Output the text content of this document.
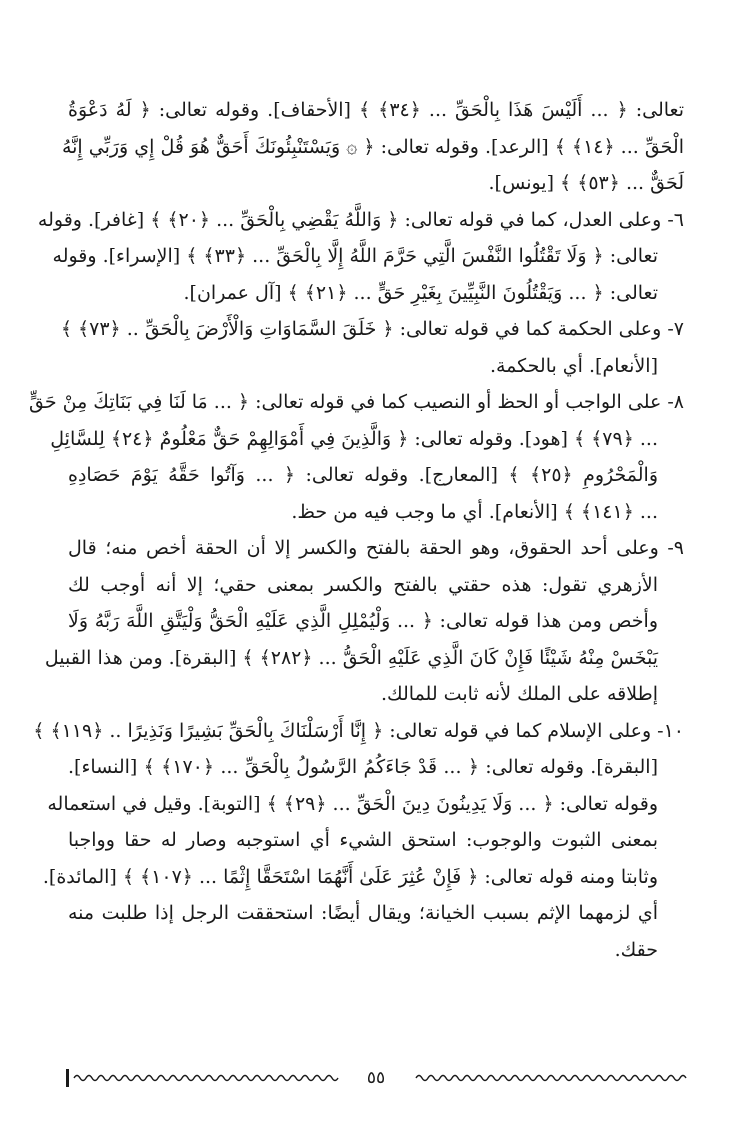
تعالى: ﴿ ... أَلَيْسَ هَذَا بِالْحَقِّ ... ﴿٣٤﴾ ﴾ [الأحقاف]. وقوله تعالى: ﴿ لَهُ دَعْوَةُ
الْحَقِّ ... ﴿١٤﴾ ﴾ [الرعد]. وقوله تعالى: ﴿ ۞ وَيَسْتَنْبِئُونَكَ أَحَقٌّ هُوَ قُلْ إِي وَرَبِّي إِنَّهُ
لَحَقٌّ ... ﴿٥٣﴾ ﴾ [يونس].
٦- وعلى العدل، كما في قوله تعالى: ﴿ وَاللَّهُ يَقْضِي بِالْحَقِّ ... ﴿٢٠﴾ ﴾ [غافر]. وقوله
تعالى: ﴿ وَلَا تَقْتُلُوا النَّفْسَ الَّتِي حَرَّمَ اللَّهُ إِلَّا بِالْحَقِّ ... ﴿٣٣﴾ ﴾ [الإسراء]. وقوله
تعالى: ﴿ ... وَيَقْتُلُونَ النَّبِيِّينَ بِغَيْرِ حَقٍّ ... ﴿٢١﴾ ﴾ [آل عمران].
٧- وعلى الحكمة كما في قوله تعالى: ﴿ خَلَقَ السَّمَاوَاتِ وَالْأَرْضَ بِالْحَقِّ .. ﴿٧٣﴾ ﴾
[الأنعام]. أي بالحكمة.
٨- على الواجب أو الحظ أو النصيب كما في قوله تعالى: ﴿ ... مَا لَنَا فِي بَنَاتِكَ مِنْ حَقٍّ
... ﴿٧٩﴾ ﴾ [هود]. وقوله تعالى: ﴿ وَالَّذِينَ فِي أَمْوَالِهِمْ حَقٌّ مَعْلُومٌ ﴿٢٤﴾ لِلسَّائِلِ
وَالْمَحْرُومِ ﴿٢٥﴾ ﴾ [المعارج]. وقوله تعالى: ﴿ ... وَآتُوا حَقَّهُ يَوْمَ حَصَادِهِ
... ﴿١٤١﴾ ﴾ [الأنعام]. أي ما وجب فيه من حظ.
٩- وعلى أحد الحقوق، وهو الحقة بالفتح والكسر إلا أن الحقة أخص منه؛ قال
الأزهري تقول: هذه حقتي بالفتح والكسر بمعنى حقي؛ إلا أنه أوجب لك
وأخص ومن هذا قوله تعالى: ﴿ ... وَلْيُمْلِلِ الَّذِي عَلَيْهِ الْحَقُّ وَلْيَتَّقِ اللَّهَ رَبَّهُ وَلَا
يَبْخَسْ مِنْهُ شَيْئًا فَإِنْ كَانَ الَّذِي عَلَيْهِ الْحَقُّ ... ﴿٢٨٢﴾ ﴾ [البقرة]. ومن هذا القبيل
إطلاقه على الملك لأنه ثابت للمالك.
١٠- وعلى الإسلام كما في قوله تعالى: ﴿ إِنَّا أَرْسَلْنَاكَ بِالْحَقِّ بَشِيرًا وَنَذِيرًا .. ﴿١١٩﴾ ﴾
[البقرة]. وقوله تعالى: ﴿ ... قَدْ جَاءَكُمُ الرَّسُولُ بِالْحَقِّ ... ﴿١٧٠﴾ ﴾ [النساء].
وقوله تعالى: ﴿ ... وَلَا يَدِينُونَ دِينَ الْحَقِّ ... ﴿٢٩﴾ ﴾ [التوبة]. وقيل في استعماله
بمعنى الثبوت والوجوب: استحق الشيء أي استوجبه وصار له حقا وواجبا
وثابتا ومنه قوله تعالى: ﴿ فَإِنْ عُثِرَ عَلَىٰ أَنَّهُمَا اسْتَحَقَّا إِثْمًا ... ﴿١٠٧﴾ ﴾ [المائدة].
أي لزمهما الإثم بسبب الخيانة؛ ويقال أيضًا: استحققت الرجل إذا طلبت منه
حقك.
٥٥
